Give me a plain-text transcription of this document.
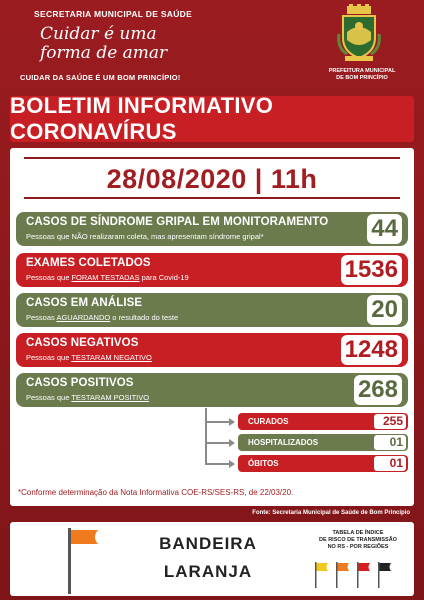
SECRETARIA MUNICIPAL DE SAÚDE
Cuidar é uma
forma de amar
CUIDAR DA SAÚDE É UM BOM PRINCÍPIO!
PREFEITURA MUNICIPAL
DE BOM PRINCÍPIO
BOLETIM INFORMATIVO CORONAVÍRUS
28/08/2020 | 11h
CASOS DE SÍNDROME GRIPAL EM MONITORAMENTO
Pessoas que NÃO realizaram coleta, mas apresentam síndrome gripal*	44
EXAMES COLETADOS
Pessoas que FORAM TESTADAS para Covid-19	1536
CASOS EM ANÁLISE
Pessoas AGUARDANDO o resultado do teste	20
CASOS NEGATIVOS
Pessoas que TESTARAM NEGATIVO	1248
CASOS POSITIVOS
Pessoas que TESTARAM POSITIVO	268
CURADOS	255
HOSPITALIZADOS	01
ÓBITOS	01
*Conforme determinação da Nota Informativa COE-RS/SES-RS, de 22/03/20.
Fonte: Secretaria Municipal de Saúde de Bom Princípio
BANDEIRA
LARANJA
TABELA DE ÍNDICE
DE RISCO DE TRANSMISSÃO
NO RS - POR REGIÕES
